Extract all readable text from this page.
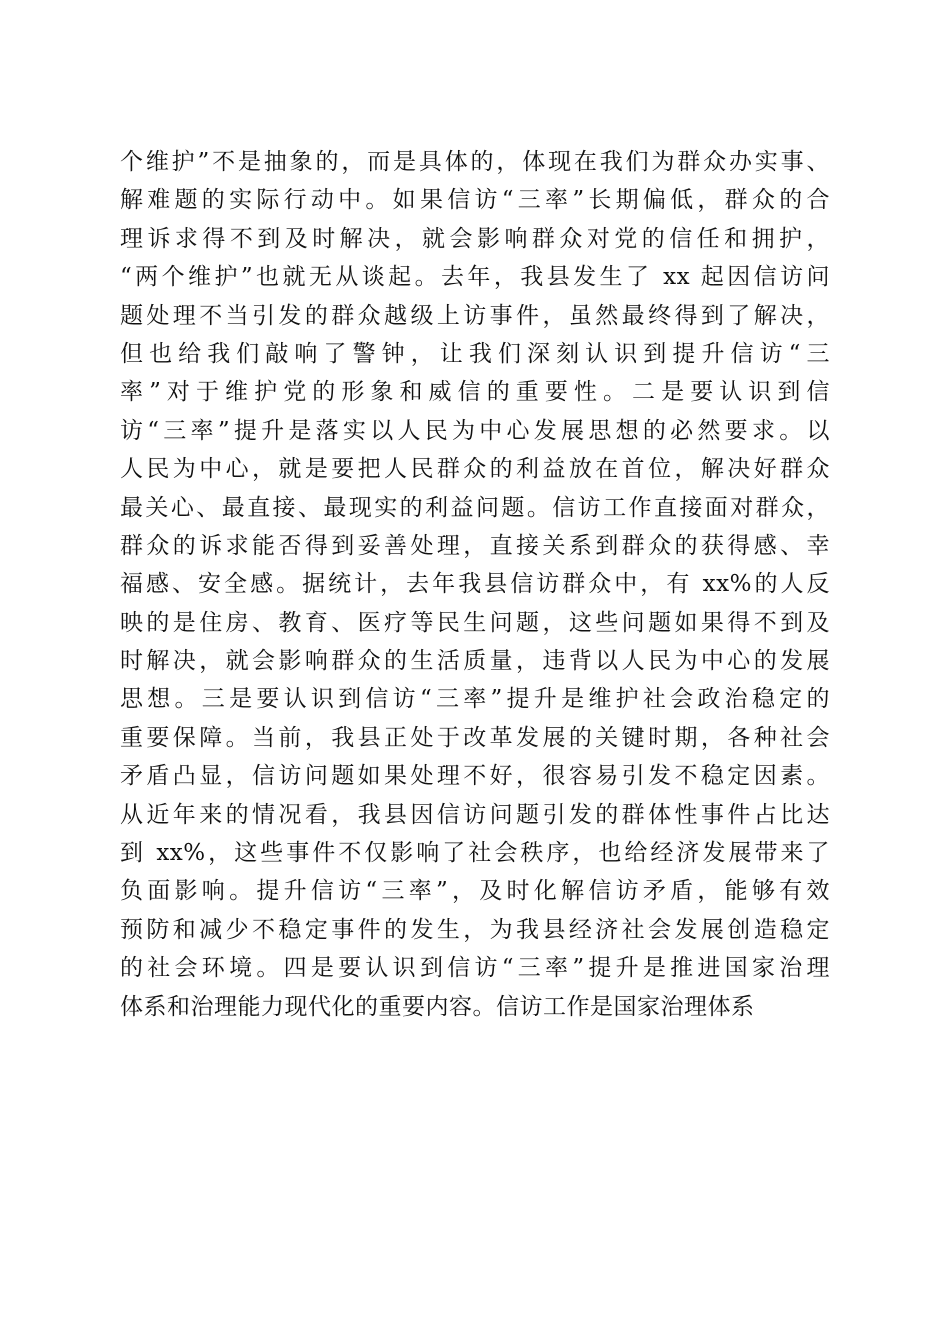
个维护”不是抽象的，而是具体的，体现在我们为群众办实事、
解难题的实际行动中。如果信访“三率”长期偏低，群众的合
理诉求得不到及时解决，就会影响群众对党的信任和拥护，
“两个维护”也就无从谈起。去年，我县发生了 xx 起因信访问
题处理不当引发的群众越级上访事件，虽然最终得到了解决，
但也给我们敲响了警钟，让我们深刻认识到提升信访“三
率”对于维护党的形象和威信的重要性。二是要认识到信
访“三率”提升是落实以人民为中心发展思想的必然要求。以
人民为中心，就是要把人民群众的利益放在首位，解决好群众
最关心、最直接、最现实的利益问题。信访工作直接面对群众，
群众的诉求能否得到妥善处理，直接关系到群众的获得感、幸
福感、安全感。据统计，去年我县信访群众中，有 xx%的人反
映的是住房、教育、医疗等民生问题，这些问题如果得不到及
时解决，就会影响群众的生活质量，违背以人民为中心的发展
思想。三是要认识到信访“三率”提升是维护社会政治稳定的
重要保障。当前，我县正处于改革发展的关键时期，各种社会
矛盾凸显，信访问题如果处理不好，很容易引发不稳定因素。
从近年来的情况看，我县因信访问题引发的群体性事件占比达
到 xx%，这些事件不仅影响了社会秩序，也给经济发展带来了
负面影响。提升信访“三率”，及时化解信访矛盾，能够有效
预防和减少不稳定事件的发生，为我县经济社会发展创造稳定
的社会环境。四是要认识到信访“三率”提升是推进国家治理
体系和治理能力现代化的重要内容。信访工作是国家治理体系
